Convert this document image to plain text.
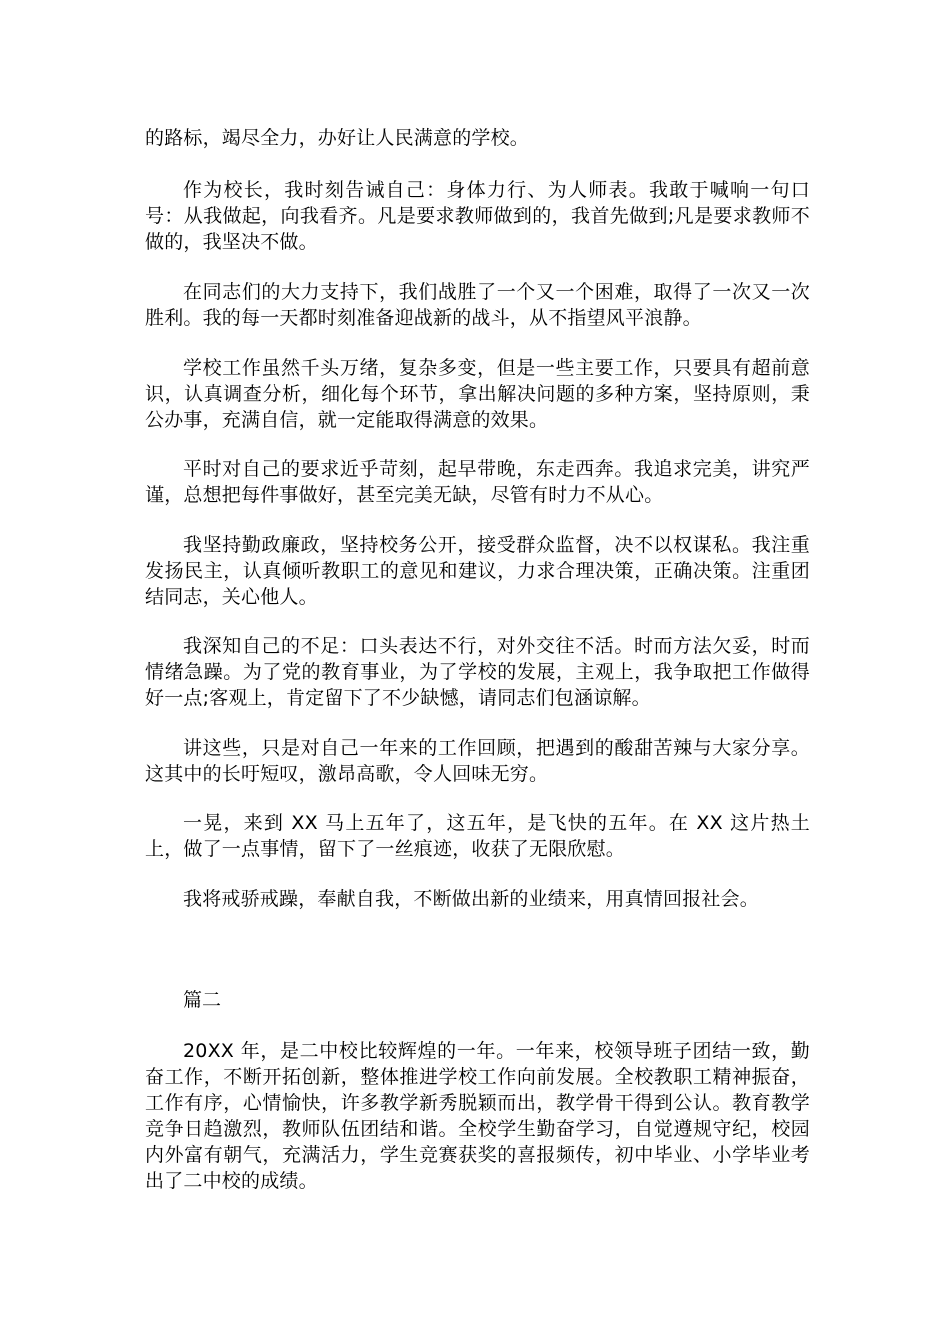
的路标，竭尽全力，办好让人民满意的学校。

作为校长，我时刻告诫自己：身体力行、为人师表。我敢于喊响一句口号：从我做起，向我看齐。凡是要求教师做到的，我首先做到;凡是要求教师不做的，我坚决不做。

在同志们的大力支持下，我们战胜了一个又一个困难，取得了一次又一次胜利。我的每一天都时刻准备迎战新的战斗，从不指望风平浪静。

学校工作虽然千头万绪，复杂多变，但是一些主要工作，只要具有超前意识，认真调查分析，细化每个环节，拿出解决问题的多种方案，坚持原则，秉公办事，充满自信，就一定能取得满意的效果。

平时对自己的要求近乎苛刻，起早带晚，东走西奔。我追求完美，讲究严谨，总想把每件事做好，甚至完美无缺，尽管有时力不从心。

我坚持勤政廉政，坚持校务公开，接受群众监督，决不以权谋私。我注重发扬民主，认真倾听教职工的意见和建议，力求合理决策，正确决策。注重团结同志，关心他人。

我深知自己的不足：口头表达不行，对外交往不活。时而方法欠妥，时而情绪急躁。为了党的教育事业，为了学校的发展，主观上，我争取把工作做得好一点;客观上，肯定留下了不少缺憾，请同志们包涵谅解。

讲这些，只是对自己一年来的工作回顾，把遇到的酸甜苦辣与大家分享。这其中的长吁短叹，激昂高歌，令人回味无穷。

一晃，来到 XX 马上五年了，这五年，是飞快的五年。在 XX 这片热土上，做了一点事情，留下了一丝痕迹，收获了无限欣慰。

我将戒骄戒躁，奉献自我，不断做出新的业绩来，用真情回报社会。

篇二

20XX 年，是二中校比较辉煌的一年。一年来，校领导班子团结一致，勤奋工作，不断开拓创新，整体推进学校工作向前发展。全校教职工精神振奋，工作有序，心情愉快，许多教学新秀脱颖而出，教学骨干得到公认。教育教学竞争日趋激烈，教师队伍团结和谐。全校学生勤奋学习，自觉遵规守纪，校园内外富有朝气，充满活力，学生竞赛获奖的喜报频传，初中毕业、小学毕业考出了二中校的成绩。
